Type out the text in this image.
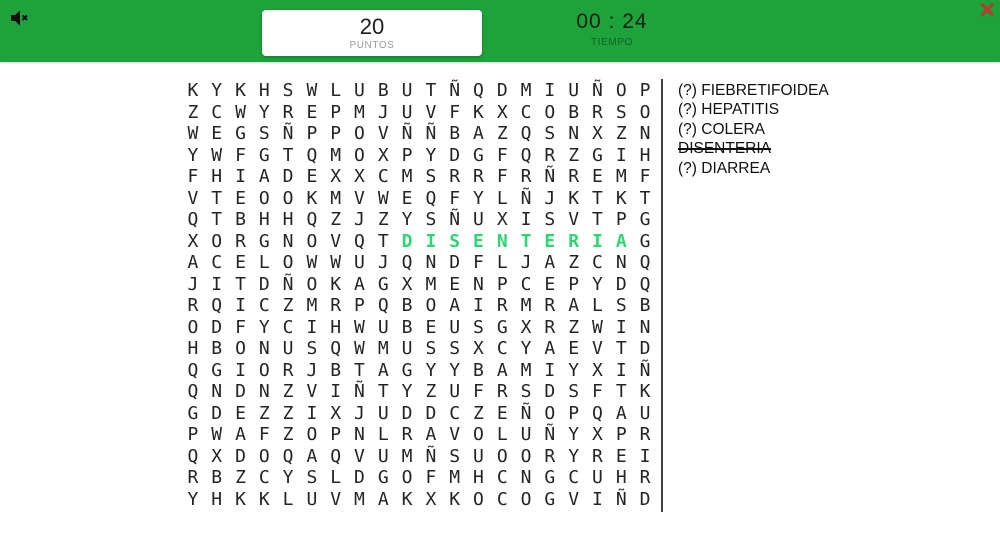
20
PUNTOS
00 : 24
TIEMPO
✕
K Y K H S W L U B U T Ñ Q D M I U Ñ O P
Z C W Y R E P M J U V F K X C O B R S O
W E G S Ñ P P O V Ñ Ñ B A Z Q S N X Z N
Y W F G T Q M O X P Y D G F Q R Z G I H
F H I A D E X X C M S R R F R Ñ R E M F
V T E O O K M V W E Q F Y L Ñ J K T K T
Q T B H H Q Z J Z Y S Ñ U X I S V T P G
X O R G N O V Q T D I S E N T E R I A G
A C E L O W W U J Q N D F L J A Z C N Q
J I T D Ñ O K A G X M E N P C E P Y D Q
R Q I C Z M R P Q B O A I R M R A L S B
O D F Y C I H W U B E U S G X R Z W I N
H B O N U S Q W M U S S X C Y A E V T D
Q G I O R J B T A G Y Y B A M I Y X I Ñ
Q N D N Z V I Ñ T Y Z U F R S D S F T K
G D E Z Z I X J U D D C Z E Ñ O P Q A U
P W A F Z O P N L R A V O L U Ñ Y X P R
Q X D O Q A Q V U M Ñ S U O O R Y R E I
R B Z C Y S L D G O F M H C N G C U H R
Y H K K L U V M A K X K O C O G V I Ñ D
(?) FIEBRETIFOIDEA
(?) HEPATITIS
(?) COLERA
DISENTERIA
(?) DIARREA
